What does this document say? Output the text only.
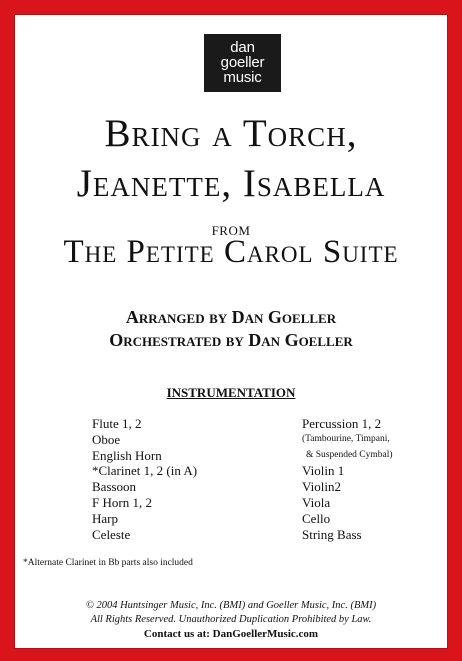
dan
goeller
music
Bring a Torch,
Jeanette, Isabella
from
The Petite Carol Suite
Arranged by Dan Goeller
Orchestrated by Dan Goeller
INSTRUMENTATION
Flute 1, 2
Oboe
English Horn
*Clarinet 1, 2 (in A)
Bassoon
F Horn 1, 2
Harp
Celeste
Percussion 1, 2
(Tambourine, Timpani,
& Suspended Cymbal)
Violin 1
Violin2
Viola
Cello
String Bass
*Alternate Clarinet in Bb parts also included
© 2004 Huntsinger Music, Inc. (BMI) and Goeller Music, Inc. (BMI)
All Rights Reserved. Unauthorized Duplication Prohibited by Law.
Contact us at: DanGoellerMusic.com
